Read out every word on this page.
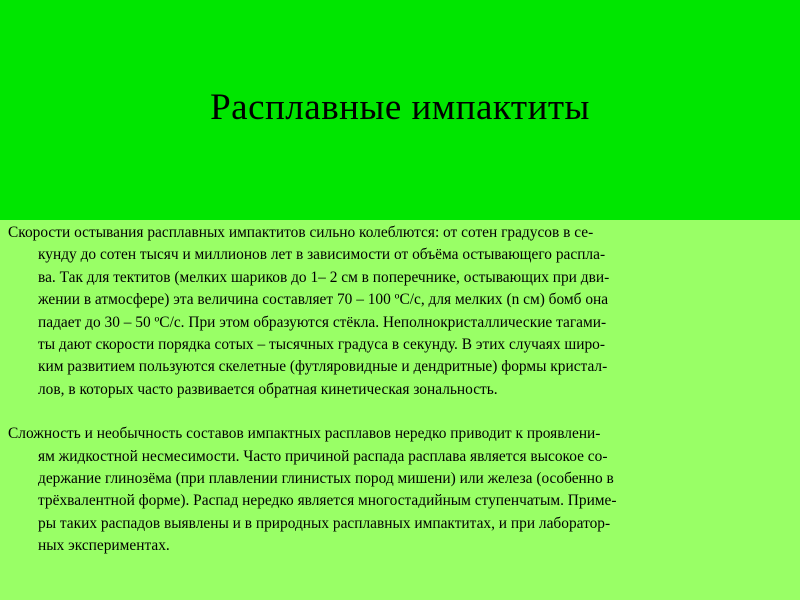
Расплавные импактиты

Скорости остывания расплавных импактитов сильно колеблются: от сотен градусов в се-
кунду до сотен тысяч и миллионов лет в зависимости от объёма остывающего распла-
ва. Так для тектитов (мелких шариков до 1– 2 см в поперечнике, остывающих при дви-
жении в атмосфере) эта величина составляет 70 – 100 ºС/с, для мелких (n см) бомб она
падает до 30 – 50 ºС/с. При этом образуются стёкла. Неполнокристаллические тагами-
ты дают скорости порядка сотых – тысячных градуса в секунду. В этих случаях широ-
ким развитием пользуются скелетные (футляровидные и дендритные) формы кристал-
лов, в которых часто развивается обратная кинетическая зональность.

Сложность и необычность составов импактных расплавов нередко приводит к проявлени-
ям жидкостной несмесимости. Часто причиной распада расплава является высокое со-
держание глинозёма (при плавлении глинистых пород мишени) или железа (особенно в
трёхвалентной форме). Распад нередко является многостадийным ступенчатым. Приме-
ры таких распадов выявлены и в природных расплавных импактитах, и при лаборатор-
ных экспериментах.
